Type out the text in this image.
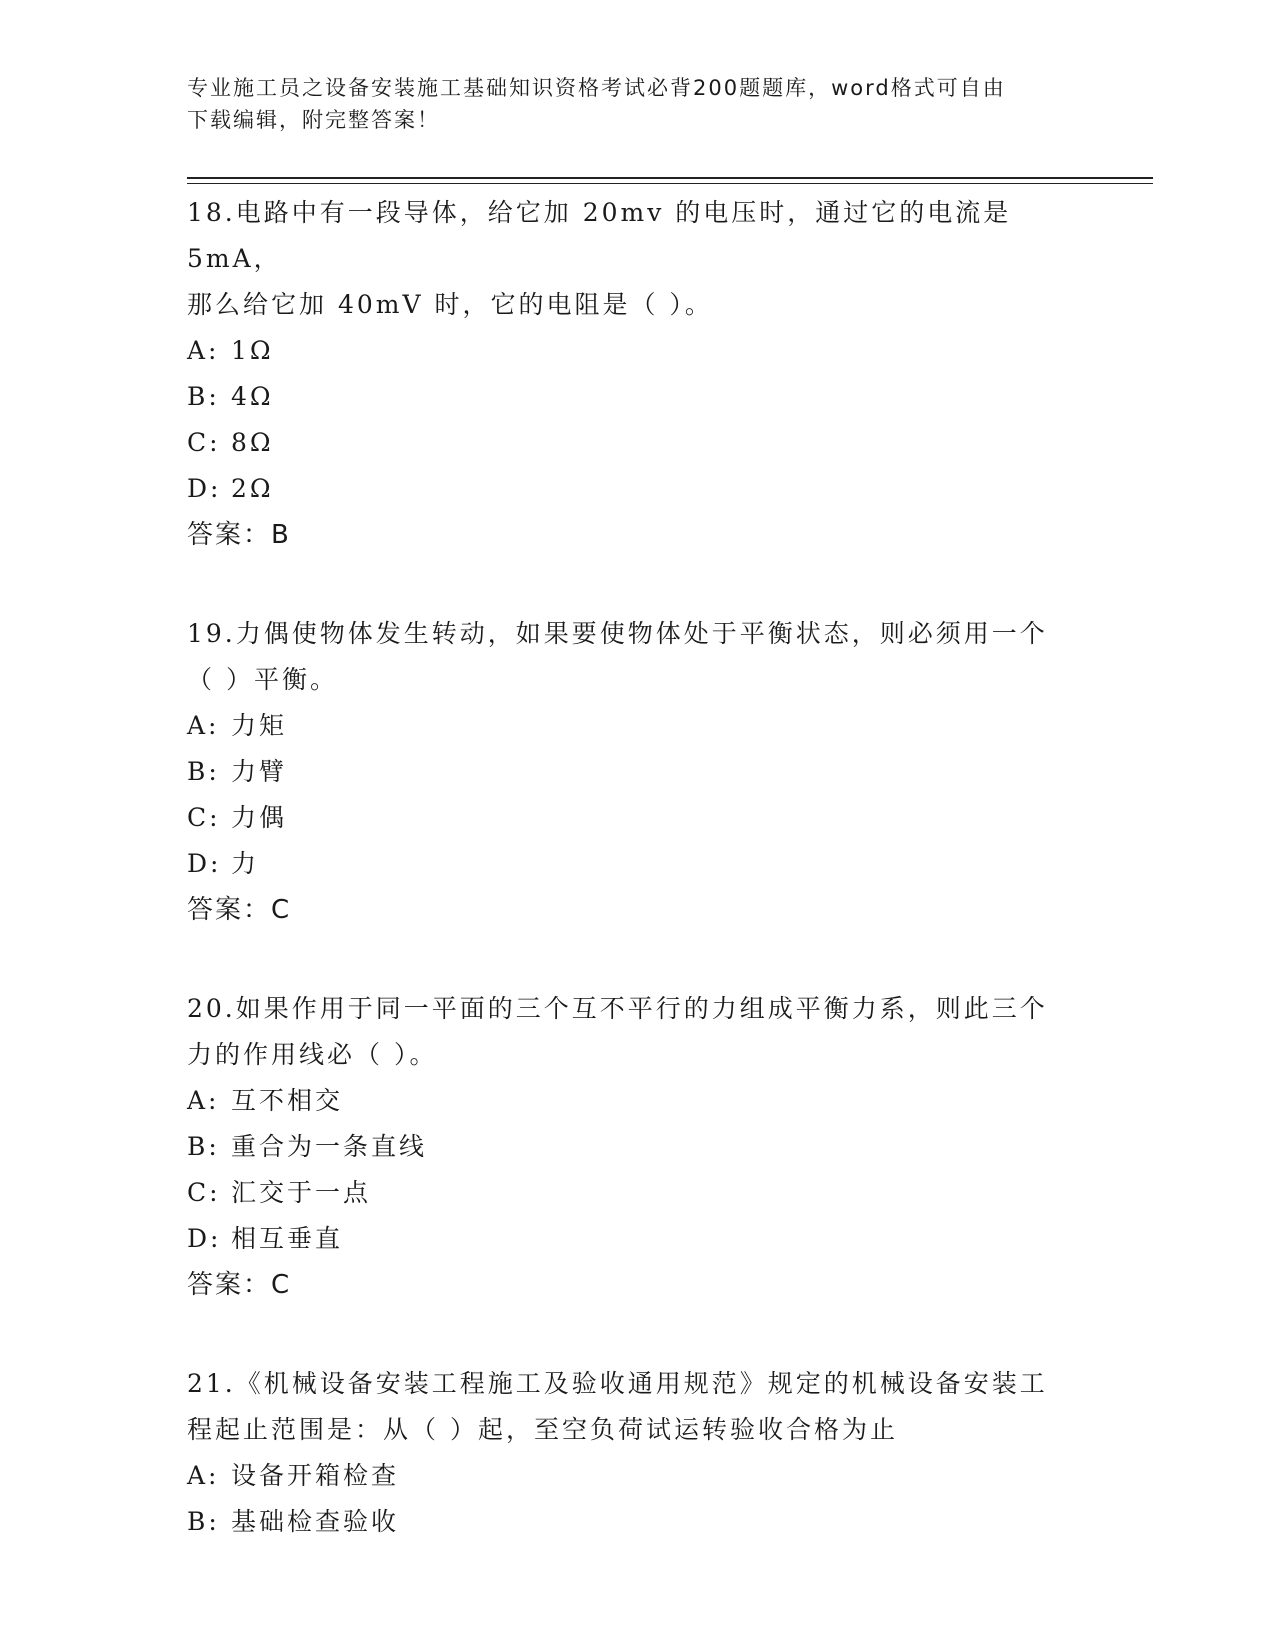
专业施工员之设备安装施工基础知识资格考试必背200题题库，word格式可自由
下载编辑，附完整答案！
18.电路中有一段导体，给它加 20mv 的电压时，通过它的电流是 5mA，
那么给它加 40mV 时，它的电阻是（ ）。
A: 1Ω
B: 4Ω
C: 8Ω
D: 2Ω
答案：B
19.力偶使物体发生转动，如果要使物体处于平衡状态，则必须用一个
（ ）平衡。
A: 力矩
B: 力臂
C: 力偶
D: 力
答案：C
20.如果作用于同一平面的三个互不平行的力组成平衡力系，则此三个
力的作用线必（ ）。
A: 互不相交
B: 重合为一条直线
C: 汇交于一点
D: 相互垂直
答案：C
21.《机械设备安装工程施工及验收通用规范》规定的机械设备安装工
程起止范围是：从（ ）起，至空负荷试运转验收合格为止
A: 设备开箱检查
B: 基础检查验收
